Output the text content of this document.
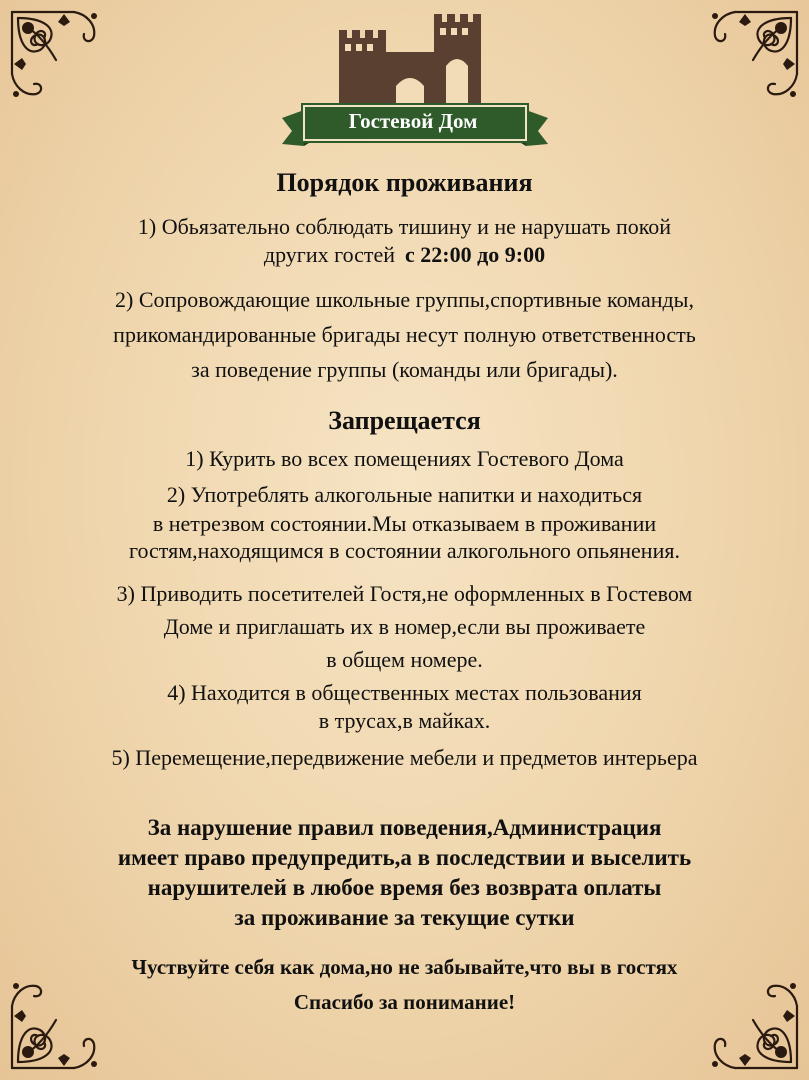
Гостевой Дом
Порядок проживания
1) Обьязательно соблюдать тишину и не нарушать покой
других гостей с 22:00 до 9:00
2) Сопровождающие школьные группы,спортивные команды,
прикомандированные бригады несут полную ответственность
за поведение группы (команды или бригады).
Запрещается
1) Курить во всех помещениях Гостевого Дома
2) Употреблять алкогольные напитки и находиться
в нетрезвом состоянии.Мы отказываем в проживании
гостям,находящимся в состоянии алкогольного опьянения.
3) Приводить посетителей Гостя,не оформленных в Гостевом
Доме и приглашать их в номер,если вы проживаете
в общем номере.
4) Находится в общественных местах пользования
в трусах,в майках.
5) Перемещение,передвижение мебели и предметов интерьера
За нарушение правил поведения,Администрация
имеет право предупредить,а в последствии и выселить
нарушителей в любое время без возврата оплаты
за проживание за текущие сутки
Чуствуйте себя как дома,но не забывайте,что вы в гостях
Спасибо за понимание!
